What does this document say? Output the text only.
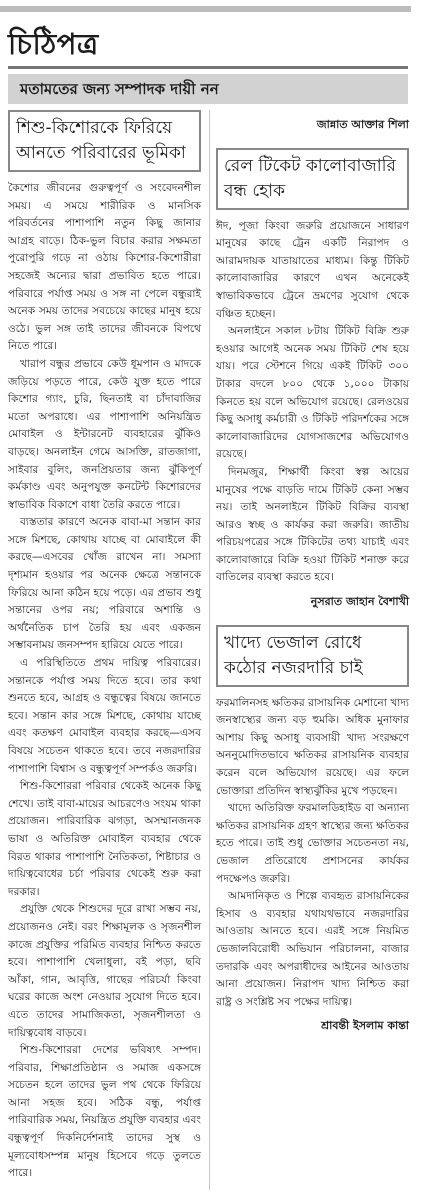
চিঠিপত্র
মতামতের জন্য সম্পাদক দায়ী নন
শিশু-কিশোরকে ফিরিয়ে আনতে পরিবারের ভূমিকা

কৈশোর জীবনের গুরুত্বপূর্ণ ও সংবেদনশীল সময়। এ সময়ে শারীরিক ও মানসিক পরিবর্তনের পাশাপাশি নতুন কিছু জানার আগ্রহ বাড়ে। ঠিক-ভুল বিচার করার সক্ষমতা পুরোপুরি গড়ে না ওঠায় কিশোর-কিশোরীরা সহজেই অন্যের দ্বারা প্রভাবিত হতে পারে। পরিবারে পর্যাপ্ত সময় ও সঙ্গ না পেলে বন্ধুরাই অনেক সময় তাদের সবচেয়ে কাছের মানুষ হয়ে ওঠে। ভুল সঙ্গ তাই তাদের জীবনকে বিপথে নিতে পারে।

খারাপ বন্ধুর প্রভাবে কেউ ধূমপান ও মাদকে জড়িয়ে পড়তে পারে, কেউ যুক্ত হতে পারে কিশোর গ্যাং, চুরি, ছিনতাই বা চাঁদাবাজির মতো অপরাধে। এর পাশাপাশি অনিয়ন্ত্রিত মোবাইল ও ইন্টারনেট ব্যবহারের ঝুঁকিও বাড়ছে। অনলাইন গেমে আসক্তি, রাতজাগা, সাইবার বুলিং, জনপ্রিয়তার জন্য ঝুঁকিপূর্ণ কর্মকাণ্ড এবং অনুপযুক্ত কনটেন্ট কিশোরদের স্বাভাবিক বিকাশে বাধা তৈরি করতে পারে।

ব্যস্ততার কারণে অনেক বাবা-মা সন্তান কার সঙ্গে মিশছে, কোথায় যাচ্ছে বা মোবাইলে কী করছে—এসবের খোঁজ রাখেন না। সমস্যা দৃশ্যমান হওয়ার পর অনেক ক্ষেত্রে সন্তানকে ফিরিয়ে আনা কঠিন হয়ে পড়ে। এর প্রভাব শুধু সন্তানের ওপর নয়; পরিবারে অশান্তি ও অর্থনৈতিক চাপ তৈরি হয় এবং একজন সম্ভাবনাময় জনসম্পদ হারিয়ে যেতে পারে।

এ পরিস্থিতিতে প্রথম দায়িত্ব পরিবারের। সন্তানকে পর্যাপ্ত সময় দিতে হবে। তার কথা শুনতে হবে, আগ্রহ ও বন্ধুত্বের বিষয়ে জানতে হবে। সন্তান কার সঙ্গে মিশছে, কোথায় যাচ্ছে এবং কতক্ষণ মোবাইল ব্যবহার করছে—এসব বিষয়ে সচেতন থাকতে হবে। তবে নজরদারির পাশাপাশি বিশ্বাস ও বন্ধুত্বপূর্ণ সম্পর্কও জরুরি।

শিশু-কিশোররা পরিবার থেকেই অনেক কিছু শেখে। তাই বাবা-মায়ের আচরণেও সংযম থাকা প্রয়োজন। পারিবারিক ঝগড়া, অসম্মানজনক ভাষা ও অতিরিক্ত মোবাইল ব্যবহার থেকে বিরত থাকার পাশাপাশি নৈতিকতা, শিষ্টাচার ও দায়িত্ববোধের চর্চা পরিবার থেকেই শুরু করা দরকার।

প্রযুক্তি থেকে শিশুদের দূরে রাখা সম্ভব নয়, প্রয়োজনও নেই। বরং শিক্ষামূলক ও সৃজনশীল কাজে প্রযুক্তির পরিমিত ব্যবহার নিশ্চিত করতে হবে। পাশাপাশি খেলাধুলা, বই পড়া, ছবি আঁকা, গান, আবৃত্তি, গাছের পরিচর্যা কিংবা ঘরের কাজে অংশ নেওয়ার সুযোগ দিতে হবে। এতে তাদের সামাজিকতা, সৃজনশীলতা ও দায়িত্ববোধ বাড়বে।

শিশু-কিশোররা দেশের ভবিষ্যৎ সম্পদ। পরিবার, শিক্ষাপ্রতিষ্ঠান ও সমাজ একসঙ্গে সচেতন হলে তাদের ভুল পথ থেকে ফিরিয়ে আনা সহজ হবে। সঠিক বন্ধু, পর্যাপ্ত পারিবারিক সময়, নিয়ন্ত্রিত প্রযুক্তি ব্যবহার এবং বন্ধুত্বপূর্ণ দিকনির্দেশনাই তাদের সুস্থ ও মূল্যবোধসম্পন্ন মানুষ হিসেবে গড়ে তুলতে পারে।

জান্নাত আক্তার শিলা
রেল টিকেট কালোবাজারি বন্ধ হোক

ঈদ, পূজা কিংবা জরুরি প্রয়োজনে সাধারণ মানুষের কাছে ট্রেন একটি নিরাপদ ও আরামদায়ক যাতায়াতের মাধ্যম। কিন্তু টিকিট কালোবাজারির কারণে এখন অনেকেই স্বাভাবিকভাবে ট্রেনে ভ্রমণের সুযোগ থেকে বঞ্চিত হচ্ছেন।

অনলাইনে সকাল ৮টায় টিকিট বিক্রি শুরু হওয়ার আগেই অনেক সময় টিকিট শেষ হয়ে যায়। পরে স্টেশনে গিয়ে একই টিকিট ৩০০ টাকার বদলে ৮০০ থেকে ১,০০০ টাকায় কিনতে হয় বলে অভিযোগ রয়েছে। রেলওয়ের কিছু অসাধু কর্মচারী ও টিকিট পরিদর্শকের সঙ্গে কালোবাজারিদের যোগসাজশের অভিযোগও রয়েছে।

দিনমজুর, শিক্ষার্থী কিংবা স্বল্প আয়ের মানুষের পক্ষে বাড়তি দামে টিকিট কেনা সম্ভব নয়। তাই অনলাইনে টিকিট বিক্রির ব্যবস্থা আরও স্বচ্ছ ও কার্যকর করা জরুরি। জাতীয় পরিচয়পত্রের সঙ্গে টিকিটের তথ্য যাচাই এবং কালোবাজারে বিক্রি হওয়া টিকিট শনাক্ত করে বাতিলের ব্যবস্থা করতে হবে।

নুসরাত জাহান বৈশাখী
খাদ্যে ভেজাল রোধে কঠোর নজরদারি চাই

ফরমালিনসহ ক্ষতিকর রাসায়নিক মেশানো খাদ্য জনস্বাস্থ্যের জন্য বড় হুমকি। অধিক মুনাফার আশায় কিছু অসাধু ব্যবসায়ী খাদ্য সংরক্ষণে অননুমোদিতভাবে ক্ষতিকর রাসায়নিক ব্যবহার করেন বলে অভিযোগ রয়েছে। এর ফলে ভোক্তারা প্রতিদিন স্বাস্থ্যঝুঁকির মুখে পড়ছেন।

খাদ্যে অতিরিক্ত ফরমালডিহাইড বা অন্যান্য ক্ষতিকর রাসায়নিক গ্রহণ স্বাস্থ্যের জন্য ক্ষতিকর হতে পারে। তাই শুধু ভোক্তার সচেতনতা নয়, ভেজাল প্রতিরোধে প্রশাসনের কার্যকর পদক্ষেপও জরুরি।

আমদানিকৃত ও শিল্পে ব্যবহৃত রাসায়নিকের হিসাব ও ব্যবহার যথাযথভাবে নজরদারির আওতায় আনতে হবে। এরই সঙ্গে নিয়মিত ভেজালবিরোধী অভিযান পরিচালনা, বাজার তদারকি এবং অপরাধীদের আইনের আওতায় আনা প্রয়োজন। নিরাপদ খাদ্য নিশ্চিত করা রাষ্ট্র ও সংশ্লিষ্ট সব পক্ষের দায়িত্ব।

শ্রাবন্তী ইসলাম কান্তা
